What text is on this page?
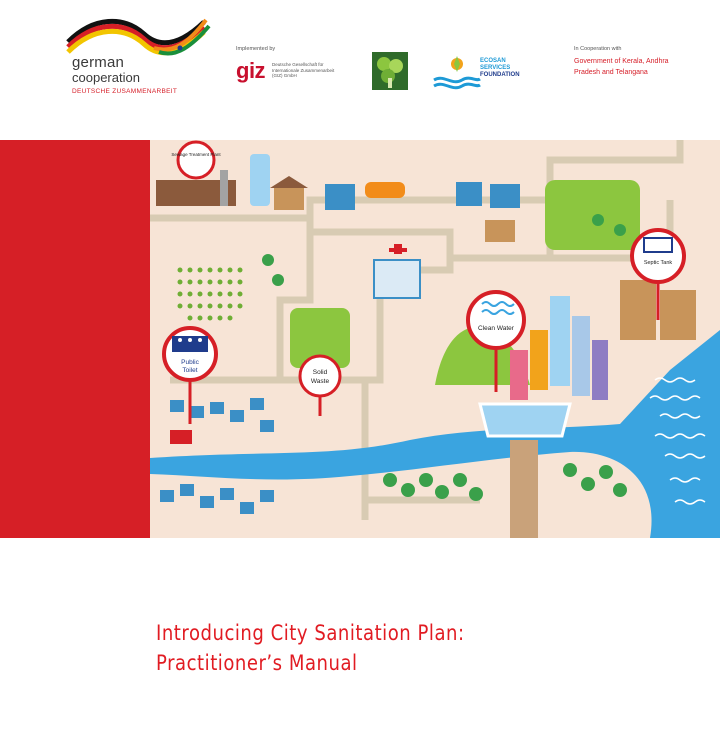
german
cooperation
DEUTSCHE ZUSAMMENARBEIT
Implemented by
giz Deutsche Gesellschaft für Internationale Zusammenarbeit (GIZ) GmbH
ECOSAN
SERVICES
FOUNDATION
In Cooperation with
Government of Kerala, Andhra Pradesh and Telangana
Sewage Treatment Plant
Public
Toilet	Solid
Waste
Clean Water
Septic Tank
Introducing City Sanitation Plan:
Practitioner’s Manual
